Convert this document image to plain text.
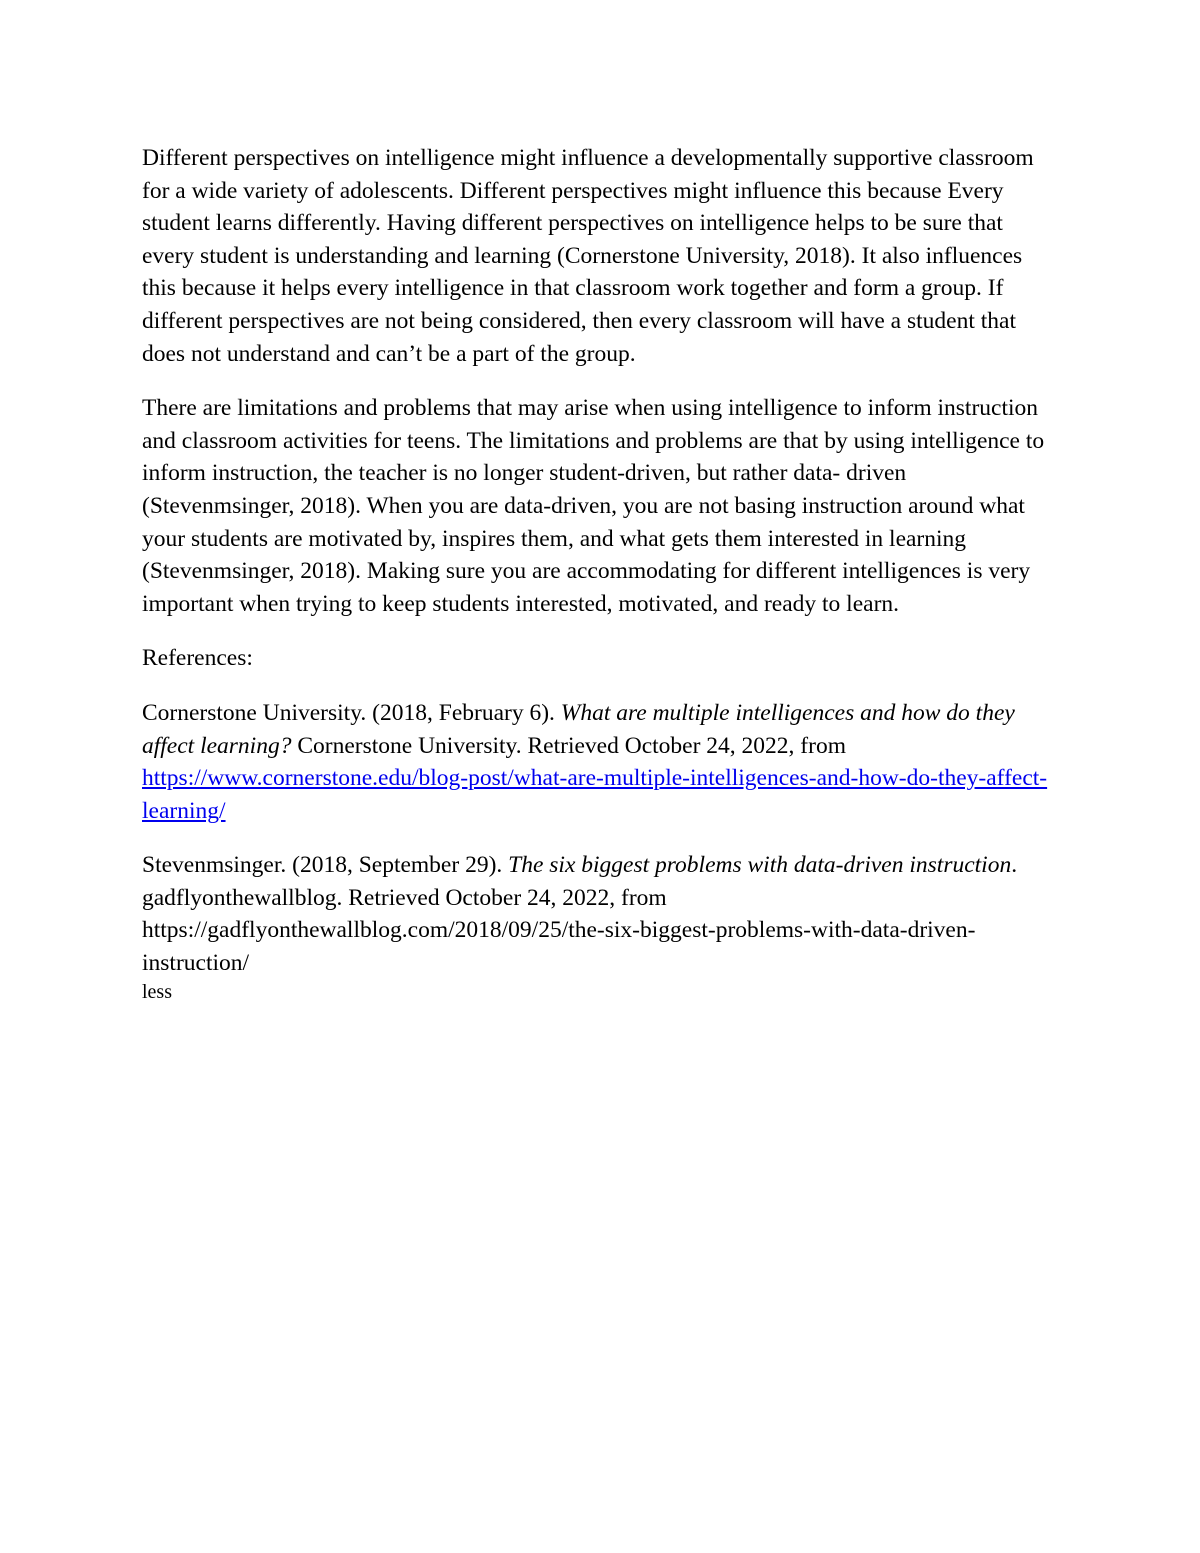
Different perspectives on intelligence might influence a developmentally supportive classroom for a wide variety of adolescents. Different perspectives might influence this because Every student learns differently. Having different perspectives on intelligence helps to be sure that every student is understanding and learning (Cornerstone University, 2018). It also influences this because it helps every intelligence in that classroom work together and form a group. If different perspectives are not being considered, then every classroom will have a student that does not understand and can’t be a part of the group.

There are limitations and problems that may arise when using intelligence to inform instruction and classroom activities for teens. The limitations and problems are that by using intelligence to inform instruction, the teacher is no longer student-driven, but rather data- driven (Stevenmsinger, 2018). When you are data-driven, you are not basing instruction around what your students are motivated by, inspires them, and what gets them interested in learning (Stevenmsinger, 2018). Making sure you are accommodating for different intelligences is very important when trying to keep students interested, motivated, and ready to learn.

References:

Cornerstone University. (2018, February 6). What are multiple intelligences and how do they affect learning? Cornerstone University. Retrieved October 24, 2022, from https://www.cornerstone.edu/blog-post/what-are-multiple-intelligences-and-how-do-they-affect-learning/

Stevenmsinger. (2018, September 29). The six biggest problems with data-driven instruction. gadflyonthewallblog. Retrieved October 24, 2022, from https://gadflyonthewallblog.com/2018/09/25/the-six-biggest-problems-with-data-driven-instruction/

less
